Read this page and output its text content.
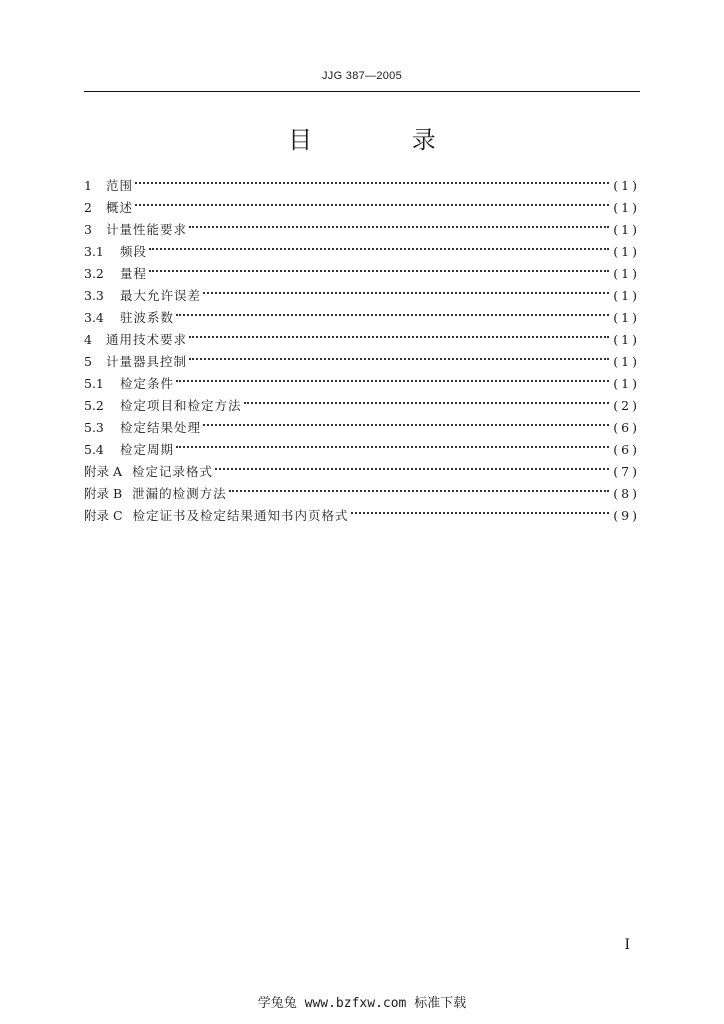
JJG 387—2005
目 录
1	范围	(1)
2	概述	(1)
3	计量性能要求	(1)
3.1	频段	(1)
3.2	量程	(1)
3.3	最大允许误差	(1)
3.4	驻波系数	(1)
4	通用技术要求	(1)
5	计量器具控制	(1)
5.1	检定条件	(1)
5.2	检定项目和检定方法	(2)
5.3	检定结果处理	(6)
5.4	检定周期	(6)
附录 A 检定记录格式	(7)
附录 B 泄漏的检测方法	(8)
附录 C 检定证书及检定结果通知书内页格式	(9)
I
学兔兔 www.bzfxw.com 标准下载
